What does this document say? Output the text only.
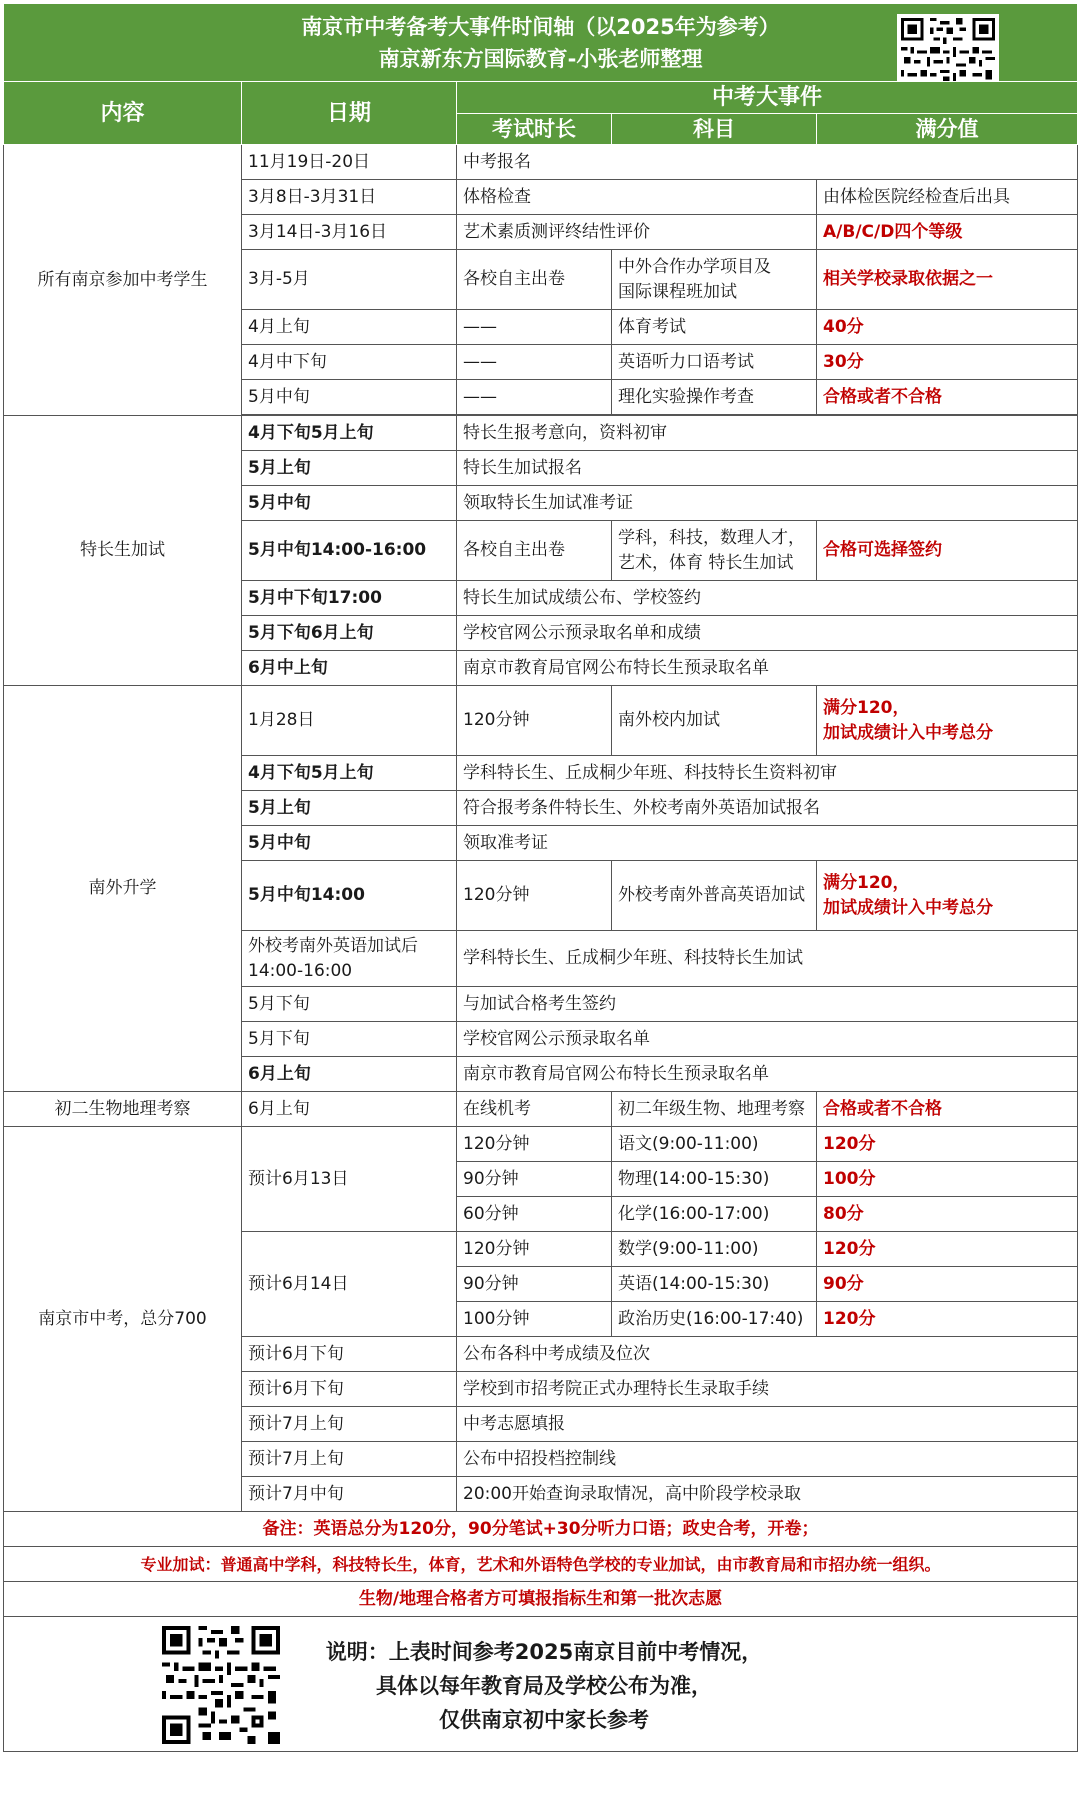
南京市中考备考大事件时间轴（以2025年为参考）
南京新东方国际教育-小张老师整理				

内容	日期	中考大事件		
		考试时长	科目	满分值
所有南京参加中考学生	11月19日-20日	中考报名		
	3月8日-3月31日	体格检查		由体检医院经检查后出具
	3月14日-3月16日	艺术素质测评终结性评价		A/B/C/D四个等级
	3月-5月	各校自主出卷	中外合作办学项目及
国际课程班加试	相关学校录取依据之一
	4月上旬	——	体育考试	40分
	4月中下旬	——	英语听力口语考试	30分
	5月中旬	——	理化实验操作考查	合格或者不合格

特长生加试	4月下旬5月上旬	特长生报考意向，资料初审		
	5月上旬	特长生加试报名		
	5月中旬	领取特长生加试准考证		
	5月中旬14:00-16:00	各校自主出卷	学科，科技，数理人才，
艺术，体育 特长生加试	合格可选择签约
	5月中下旬17:00	特长生加试成绩公布、学校签约		
	5月下旬6月上旬	学校官网公示预录取名单和成绩		
	6月中上旬	南京市教育局官网公布特长生预录取名单		
南外升学	1月28日	120分钟	南外校内加试	满分120，
加试成绩计入中考总分

	4月下旬5月上旬	学科特长生、丘成桐少年班、科技特长生资料初审		
	5月上旬	符合报考条件特长生、外校考南外英语加试报名		
	5月中旬	领取准考证		
	5月中旬14:00	120分钟	外校考南外普高英语加试	满分120，
加试成绩计入中考总分

	外校考南外英语加试后
14:00-16:00	学科特长生、丘成桐少年班、科技特长生加试		
	5月下旬	与加试合格考生签约		
	5月下旬	学校官网公示预录取名单		
	6月上旬	南京市教育局官网公布特长生预录取名单		
初二生物地理考察	6月上旬	在线机考	初二年级生物、地理考察	合格或者不合格
南京市中考，总分700	预计6月13日	120分钟	语文(9:00-11:00)	120分
		90分钟	物理(14:00-15:30)	100分
		60分钟	化学(16:00-17:00)	80分
	预计6月14日	120分钟	数学(9:00-11:00)	120分
		90分钟	英语(14:00-15:30)	90分
		100分钟	政治历史(16:00-17:40)	120分
	预计6月下旬	公布各科中考成绩及位次		
	预计6月下旬	学校到市招考院正式办理特长生录取手续		
	预计7月上旬	中考志愿填报		
	预计7月上旬	公布中招投档控制线		
	预计7月中旬	20:00开始查询录取情况，高中阶段学校录取		
备注：英语总分为120分，90分笔试+30分听力口语；政史合考，开卷；				
专业加试：普通高中学科，科技特长生，体育，艺术和外语特色学校的专业加试，由市教育局和市招办统一组织。				
生物/地理合格者方可填报指标生和第一批次志愿				

说明：上表时间参考2025南京目前中考情况，
具体以每年教育局及学校公布为准，
仅供南京初中家长参考				
